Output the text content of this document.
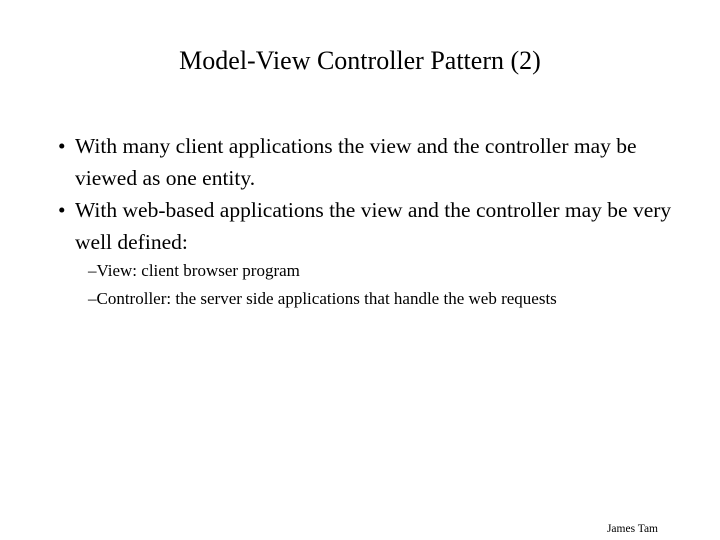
Model-View Controller Pattern (2)
• With many client applications the view and the controller may be viewed as one entity.
• With web-based applications the view and the controller may be very well defined:
–View: client browser program
–Controller: the server side applications that handle the web requests
James Tam
